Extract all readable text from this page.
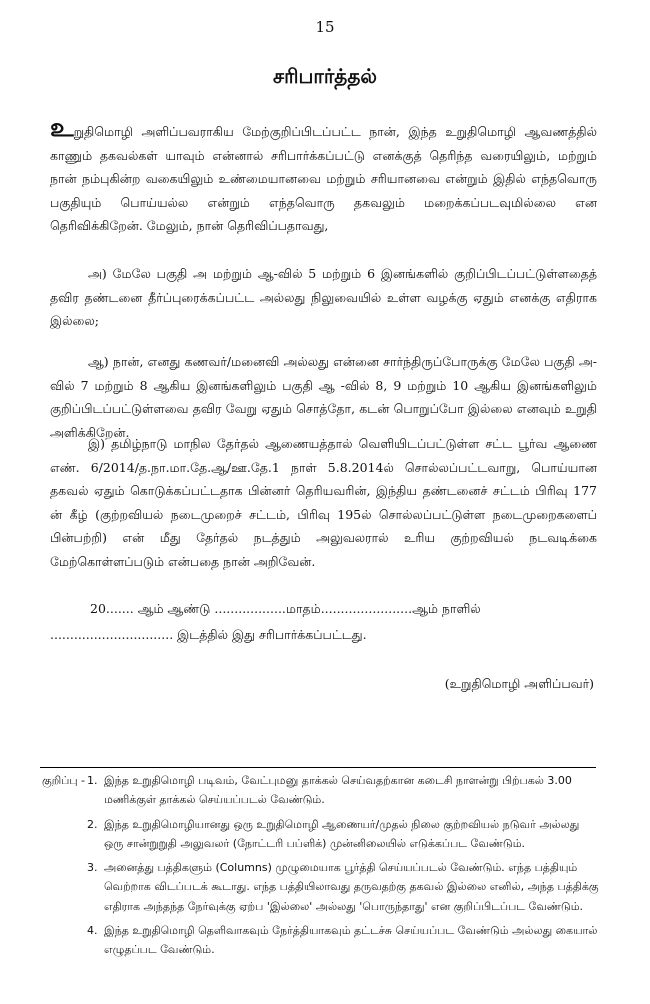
15
சரிபார்த்தல்
உறுதிமொழி அளிப்பவராகிய மேற்குறிப்பிடப்பட்ட நான், இந்த உறுதிமொழி ஆவணத்தில் காணும் தகவல்கள் யாவும் என்னால் சரிபார்க்கப்பட்டு எனக்குத் தெரிந்த வரையிலும், மற்றும் நான் நம்புகின்ற வகையிலும் உண்மையானவை மற்றும் சரியானவை என்றும் இதில் எந்தவொரு பகுதியும் பொய்யல்ல என்றும் எந்தவொரு தகவலும் மறைக்கப்படவுமில்லை என தெரிவிக்கிறேன். மேலும், நான் தெரிவிப்பதாவது,
அ) மேலே பகுதி அ மற்றும் ஆ-வில் 5 மற்றும் 6 இனங்களில் குறிப்பிடப்பட்டுள்ளதைத் தவிர தண்டனை தீர்ப்புரைக்கப்பட்ட அல்லது நிலுவையில் உள்ள வழக்கு ஏதும் எனக்கு எதிராக இல்லை;
ஆ) நான், எனது கணவர்/மனைவி அல்லது என்னை சார்ந்திருப்போருக்கு மேலே பகுதி அ-வில் 7 மற்றும் 8 ஆகிய இனங்களிலும் பகுதி ஆ -வில் 8, 9 மற்றும் 10 ஆகிய இனங்களிலும் குறிப்பிடப்பட்டுள்ளவை தவிர வேறு ஏதும் சொத்தோ, கடன் பொறுப்போ இல்லை எனவும் உறுதி அளிக்கிறேன்.
இ) தமிழ்நாடு மாநில தேர்தல் ஆணையத்தால் வெளியிடப்பட்டுள்ள சட்ட பூர்வ ஆணை எண். 6/2014/த.நா.மா.தே.ஆ/ஊ.தே.1 நாள் 5.8.2014ல் சொல்லப்பட்டவாறு, பொய்யான தகவல் ஏதும் கொடுக்கப்பட்டதாக பின்னர் தெரியவரின், இந்திய தண்டனைச் சட்டம் பிரிவு 177 ன் கீழ் (குற்றவியல் நடைமுறைச் சட்டம், பிரிவு 195ல் சொல்லப்பட்டுள்ள நடைமுறைகளைப் பின்பற்றி) என் மீது தேர்தல் நடத்தும் அலுவலரால் உரிய குற்றவியல் நடவடிக்கை மேற்கொள்ளப்படும் என்பதை நான் அறிவேன்.
20....... ஆம் ஆண்டு ..................மாதம்.......................ஆம் நாளில்
............................... இடத்தில் இது சரிபார்க்கப்பட்டது.
(உறுதிமொழி அளிப்பவர்)
குறிப்பு - 1. இந்த உறுதிமொழி படிவம், வேட்புமனு தாக்கல் செய்வதற்கான கடைசி நாளன்று பிற்பகல் 3.00 மணிக்குள் தாக்கல் செய்யப்படல் வேண்டும்.
2. இந்த உறுதிமொழியானது ஒரு உறுதிமொழி ஆணையர்/முதல் நிலை குற்றவியல் நடுவர் அல்லது ஒரு சான்றுறுதி அலுவலர் (நோட்டரி பப்ளிக்) முன்னிலையில் எடுக்கப்பட வேண்டும்.
3. அனைத்து பத்திகளும் (Columns) முழுமையாக பூர்த்தி செய்யப்படல் வேண்டும். எந்த பத்தியும் வெற்றாக விடப்படக் கூடாது. எந்த பத்தியிலாவது தருவதற்கு தகவல் இல்லை எனில், அந்த பத்திக்கு எதிராக அந்தந்த நேர்வுக்கு ஏற்ப 'இல்லை' அல்லது 'பொருந்தாது' என குறிப்பிடப்பட வேண்டும்.
4. இந்த உறுதிமொழி தெளிவாகவும் நேர்த்தியாகவும் தட்டச்சு செய்யப்பட வேண்டும் அல்லது கையால் எழுதப்பட வேண்டும்.
